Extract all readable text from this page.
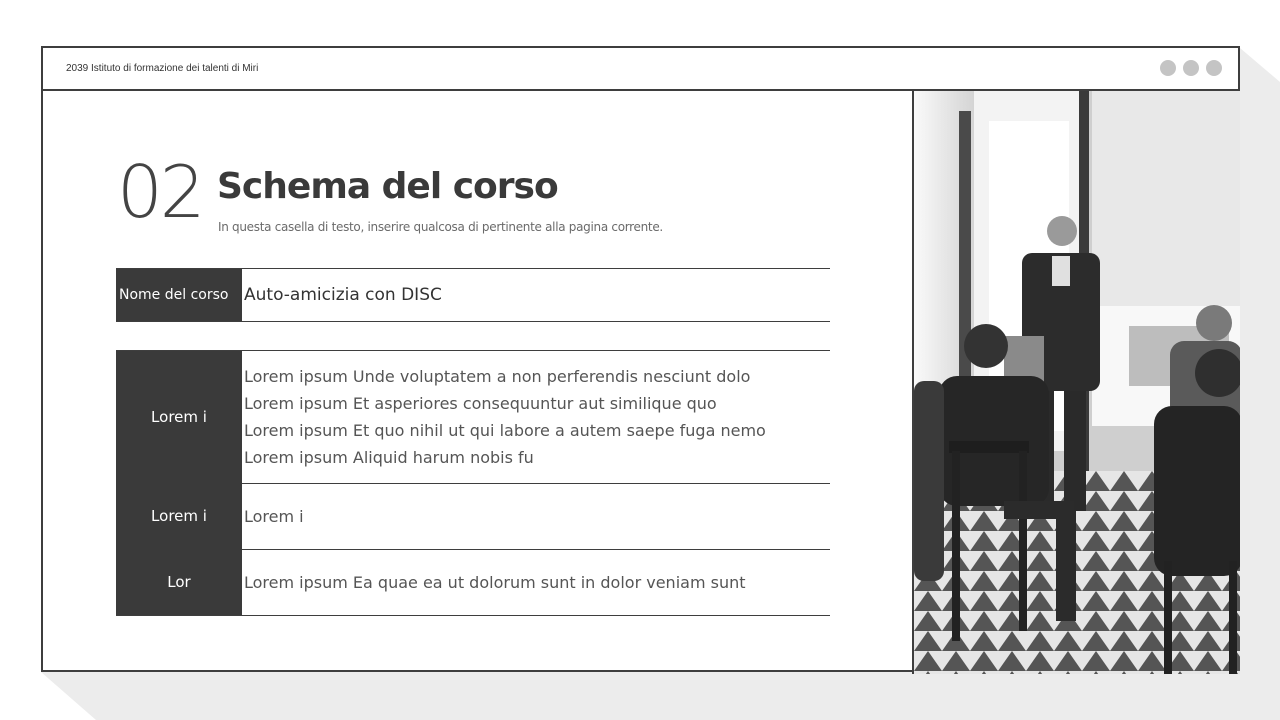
2039 Istituto di formazione dei talenti di Miri
02 Schema del corso
In questa casella di testo, inserire qualcosa di pertinente alla pagina corrente.
Nome del corso Auto-amicizia con DISC
Lorem i
Lorem ipsum Unde voluptatem a non perferendis nesciunt dolo
Lorem ipsum Et asperiores consequuntur aut similique quo
Lorem ipsum Et quo nihil ut qui labore a autem saepe fuga nemo
Lorem ipsum Aliquid harum nobis fu
Lorem i	Lorem i
Lor	Lorem ipsum Ea quae ea ut dolorum sunt in dolor veniam sunt
